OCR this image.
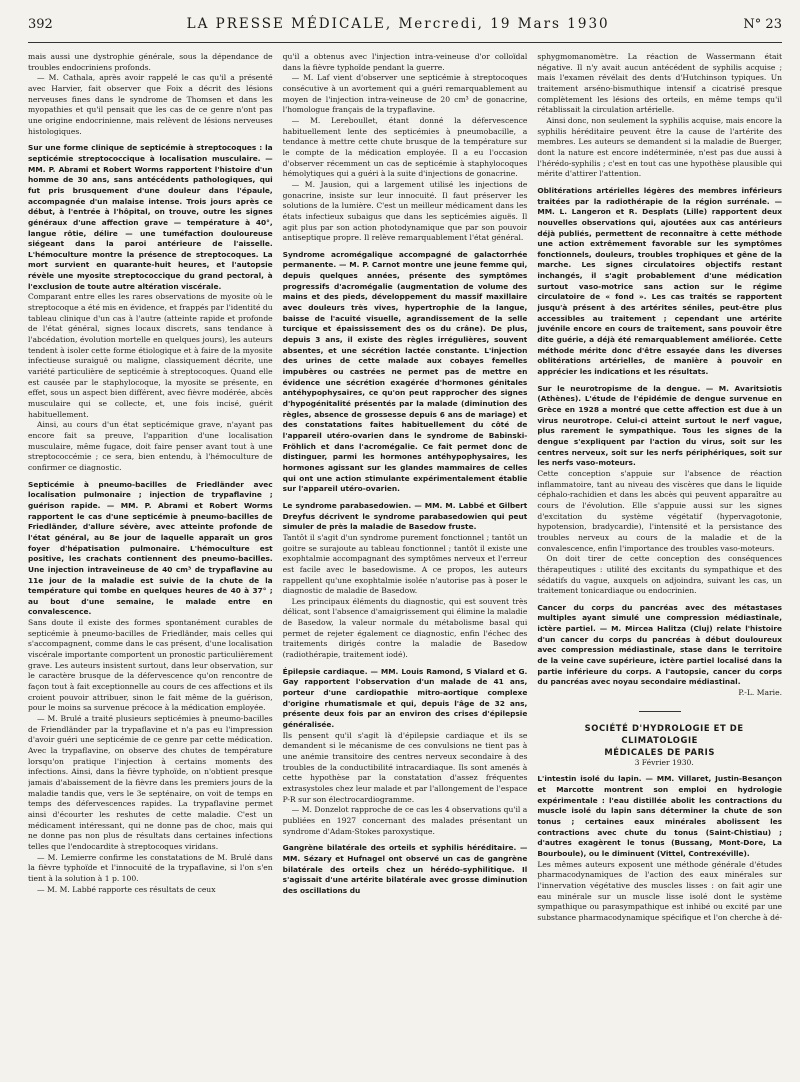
392	LA PRESSE MÉDICALE, Mercredi, 19 Mars 1930	N° 23

mais aussi une dystrophie générale, sous la dépendance de troubles endocriniens profonds.

— M. Cathala, après avoir rappelé le cas qu'il a présenté avec Harvier, fait observer que Foix a décrit des lésions nerveuses fines dans le syndrome de Thomsen et dans les myopathies et qu'il pensait que les cas de ce genre n'ont pas une origine endocrinienne, mais relèvent de lésions nerveuses histologiques.

Sur une forme clinique de septicémie à streptocoques : la septicémie streptococcique à localisation musculaire. — MM. P. Abrami et Robert Worms rapportent l'histoire d'un homme de 30 ans, sans antécédents pathologiques, qui fut pris brusquement d'une douleur dans l'épaule, accompagnée d'un malaise intense. Trois jours après ce début, à l'entrée à l'hôpital, on trouve, outre les signes généraux d'une affection grave — température à 40°, langue rôtie, délire — une tuméfaction douloureuse siégeant dans la paroi antérieure de l'aisselle. L'hémoculture montre la présence de streptocoques. La mort survient en quarante-huit heures, et l'autopsie révèle une myosite streptococcique du grand pectoral, à l'exclusion de toute autre altération viscérale.

Comparant entre elles les rares observations de myosite où le streptocoque a été mis en évidence, et frappés par l'identité du tableau clinique d'un cas à l'autre (atteinte rapide et profonde de l'état général, signes locaux discrets, sans tendance à l'abcédation, évolution mortelle en quelques jours), les auteurs tendent à isoler cette forme étiologique et à faire de la myosite infectieuse suraiguë ou maligne, classiquement décrite, une variété particulière de septicémie à streptocoques. Quand elle est causée par le staphylocoque, la myosite se présente, en effet, sous un aspect bien différent, avec fièvre modérée, abcès musculaire qui se collecte, et, une fois incisé, guérit habituellement.

Ainsi, au cours d'un état septicémique grave, n'ayant pas encore fait sa preuve, l'apparition d'une localisation musculaire, même fugace, doit faire penser avant tout à une streptococcémie ; ce sera, bien entendu, à l'hémoculture de confirmer ce diagnostic.

Septicémie à pneumo-bacilles de Friedländer avec localisation pulmonaire ; injection de trypaflavine ; guérison rapide. — MM. P. Abrami et Robert Worms rapportent le cas d'une septicémie à pneumo-bacilles de Friedländer, d'allure sévère, avec atteinte profonde de l'état général, au 8e jour de laquelle apparaît un gros foyer d'hépatisation pulmonaire. L'hémoculture est positive, les crachats contiennent des pneumo-bacilles. Une injection intraveineuse de 40 cm³ de trypaflavine au 11e jour de la maladie est suivie de la chute de la température qui tombe en quelques heures de 40 à 37° ; au bout d'une semaine, le malade entre en convalescence.

Sans doute il existe des formes spontanément curables de septicémie à pneumo-bacilles de Friedländer, mais celles qui s'accompagnent, comme dans le cas présent, d'une localisation viscérale importante comportent un pronostic particulièrement grave. Les auteurs insistent surtout, dans leur observation, sur le caractère brusque de la défervescence qu'on rencontre de façon tout à fait exceptionnelle au cours de ces affections et ils croient pouvoir attribuer, sinon le fait même de la guérison, pour le moins sa survenue précoce à la médication employée.

— M. Brulé a traité plusieurs septicémies à pneumo-bacilles de Friendländer par la trypaflavine et n'a pas eu l'impression d'avoir guéri une septicémie de ce genre par cette médication. Avec la trypaflavine, on observe des chutes de température lorsqu'on pratique l'injection à certains moments des infections. Ainsi, dans la fièvre typhoïde, on n'obtient presque jamais d'abaissement de la fièvre dans les premiers jours de la maladie tandis que, vers le 3e septénaire, on voit de temps en temps des défervescences rapides. La trypaflavine permet ainsi d'écourter les reshutes de cette maladie. C'est un médicament intéressant, qui ne donne pas de choc, mais qui ne donne pas non plus de résultats dans certaines infections telles que l'endocardite à streptocoques viridans.

— M. Lemierre confirme les constatations de M. Brulé dans la fièvre typhoïde et l'innocuité de la trypaflavine, si l'on s'en tient à la solution à 1 p. 100.

— M. M. Labbé rapporte ces résultats de ceux

qu'il a obtenus avec l'injection intra-veineuse d'or colloïdal dans la fièvre typhoïde pendant la guerre.

— M. Laf vient d'observer une septicémie à streptocoques consécutive à un avortement qui a guéri remarquablement au moyen de l'injection intra-veineuse de 20 cm³ de gonacrine, l'homologue français de la trypaflavine.

— M. Lereboullet, étant donné la défervescence habituellement lente des septicémies à pneumobacille, a tendance à mettre cette chute brusque de la température sur le compte de la médication employée. Il a eu l'occasion d'observer récemment un cas de septicémie à staphylocoques hémolytiques qui a guéri à la suite d'injections de gonacrine.

— M. Jausion, qui a largement utilisé les injections de gonacrine, insiste sur leur innocuité. Il faut préserver les solutions de la lumière. C'est un meilleur médicament dans les états infectieux subaigus que dans les septicémies aiguës. Il agit plus par son action photodynamique que par son pouvoir antiseptique propre. Il relève remarquablement l'état général.

Syndrome acromégalique accompagné de galactorrhée permanente. — M. P. Carnot montre une jeune femme qui, depuis quelques années, présente des symptômes progressifs d'acromégalie (augmentation de volume des mains et des pieds, développement du massif maxillaire avec douleurs très vives, hypertrophie de la langue, baisse de l'acuité visuelle, agrandissement de la selle turcique et épaississement des os du crâne). De plus, depuis 3 ans, il existe des règles irrégulières, souvent absentes, et une sécrétion lactée constante. L'injection des urines de cette malade aux cobayes femelles impubères ou castrées ne permet pas de mettre en évidence une sécrétion exagérée d'hormones génitales antéhypophysaires, ce qu'on peut rapprocher des signes d'hypogénitalité présentés par la malade (diminution des règles, absence de grossesse depuis 6 ans de mariage) et des constatations faites habituellement du côté de l'appareil utéro-ovarien dans le syndrome de Babinski-Fröhlich et dans l'acromégalie. Ce fait permet donc de distinguer, parmi les hormones antéhypophysaires, les hormones agissant sur les glandes mammaires de celles qui ont une action stimulante expérimentalement établie sur l'appareil utéro-ovarien.

Le syndrome parabasedowien. — MM. M. Labbé et Gilbert Dreyfus décrivent le syndrome parabasedowien qui peut simuler de près la maladie de Basedow fruste.

Tantôt il s'agit d'un syndrome purement fonctionnel ; tantôt un goitre se surajoute au tableau fonctionnel ; tantôt il existe une exophtalmie accompagnant des symptômes nerveux et l'erreur est facile avec le basedowisme. A ce propos, les auteurs rappellent qu'une exophtalmie isolée n'autorise pas à poser le diagnostic de maladie de Basedow.

Les principaux éléments du diagnostic, qui est souvent très délicat, sont l'absence d'amaigrissement qui élimine la maladie de Basedow, la valeur normale du métabolisme basal qui permet de rejeter également ce diagnostic, enfin l'échec des traitements dirigés contre la maladie de Basedow (radiothérapie, traitement iodé).

Épilepsie cardiaque. — MM. Louis Ramond, S Vialard et G. Gay rapportent l'observation d'un malade de 41 ans, porteur d'une cardiopathie mitro-aortique complexe d'origine rhumatismale et qui, depuis l'âge de 32 ans, présente deux fois par an environ des crises d'épilepsie généralisée.

Ils pensent qu'il s'agit là d'épilepsie cardiaque et ils se demandent si le mécanisme de ces convulsions ne tient pas à une anémie transitoire des centres nerveux secondaire à des troubles de la conductibilité intracardiaque. Ils sont amenés à cette hypothèse par la constatation d'assez fréquentes extrasystoles chez leur malade et par l'allongement de l'espace P-R sur son électrocardiogramme.

— M. Donzelot rapproche de ce cas les 4 observations qu'il a publiées en 1927 concernant des malades présentant un syndrome d'Adam-Stokes paroxystique.

Gangrène bilatérale des orteils et syphilis héréditaire. — MM. Sézary et Hufnagel ont observé un cas de gangrène bilatérale des orteils chez un hérédo-syphilitique. Il s'agissait d'une artérite bilatérale avec grosse diminution des oscillations du

sphygmomanomètre. La réaction de Wassermann était négative. Il n'y avait aucun antécédent de syphilis acquise ; mais l'examen révélait des dents d'Hutchinson typiques. Un traitement arséno-bismuthique intensif a cicatrisé presque complètement les lésions des orteils, en même temps qu'il rétablissait la circulation artérielle.

Ainsi donc, non seulement la syphilis acquise, mais encore la syphilis héréditaire peuvent être la cause de l'artérite des membres. Les auteurs se demandent si la maladie de Buerger, dont la nature est encore indéterminée, n'est pas due aussi à l'hérédo-syphilis ; c'est en tout cas une hypothèse plausible qui mérite d'attirer l'attention.

Oblitérations artérielles légères des membres inférieurs traitées par la radiothérapie de la région surrénale. — MM. L. Langeron et R. Desplats (Lille) rapportent deux nouvelles observations qui, ajoutées aux cas antérieurs déjà publiés, permettent de reconnaître à cette méthode une action extrêmement favorable sur les symptômes fonctionnels, douleurs, troubles trophiques et gêne de la marche. Les signes circulatoires objectifs restant inchangés, il s'agit probablement d'une médication surtout vaso-motrice sans action sur le régime circulatoire de « fond ». Les cas traités se rapportent jusqu'à présent à des artérites séniles, peut-être plus accessibles au traitement ; cependant une artérite juvénile encore en cours de traitement, sans pouvoir être dite guérie, a déjà été remarquablement améliorée. Cette méthode mérite donc d'être essayée dans les diverses oblitérations artérielles, de manière à pouvoir en apprécier les indications et les résultats.

Sur le neurotropisme de la dengue. — M. Avaritsiotis (Athènes). L'étude de l'épidémie de dengue survenue en Grèce en 1928 a montré que cette affection est due à un virus neurotrope. Celui-ci atteint surtout le nerf vague, plus rarement le sympathique. Tous les signes de la dengue s'expliquent par l'action du virus, soit sur les centres nerveux, soit sur les nerfs périphériques, soit sur les nerfs vaso-moteurs.

Cette conception s'appuie sur l'absence de réaction inflammatoire, tant au niveau des viscères que dans le liquide céphalo-rachidien et dans les abcès qui peuvent apparaître au cours de l'évolution. Elle s'appuie aussi sur les signes d'excitation du système végétatif (hypervagotonie, hypotension, bradycardie), l'intensité et la persistance des troubles nerveux au cours de la maladie et de la convalescence, enfin l'importance des troubles vaso-moteurs.

On doit tirer de cette conception des conséquences thérapeutiques : utilité des excitants du sympathique et des sédatifs du vague, auxquels on adjoindra, suivant les cas, un traitement tonicardiaque ou endocrinien.

Cancer du corps du pancréas avec des métastases multiples ayant simulé une compression médiastinale, ictère partiel. — M. Mircea Halitza (Cluj) relate l'histoire d'un cancer du corps du pancréas à début douloureux avec compression médiastinale, stase dans le territoire de la veine cave supérieure, ictère partiel localisé dans la partie inférieure du corps. A l'autopsie, cancer du corps du pancréas avec noyau secondaire médiastinal.

P.-L. Marie.

SOCIÉTÉ D'HYDROLOGIE ET DE CLIMATOLOGIE
MÉDICALES DE PARIS

3 Février 1930.

L'intestin isolé du lapin. — MM. Villaret, Justin-Besançon et Marcotte montrent son emploi en hydrologie expérimentale : l'eau distillée abolit les contractions du muscle isolé du lapin sans déterminer la chute de son tonus ; certaines eaux minérales abolissent les contractions avec chute du tonus (Saint-Chistiau) ; d'autres exagèrent le tonus (Bussang, Mont-Dore, La Bourboule), ou le diminuent (Vittel, Contrexéville).

Les mêmes auteurs exposent une méthode générale d'études pharmacodynamiques de l'action des eaux minérales sur l'innervation végétative des muscles lisses : on fait agir une eau minérale sur un muscle lisse isolé dont le système sympathique ou parasympathique est inhibé ou excité par une substance pharmacodynamique spécifique et l'on cherche à dé-
